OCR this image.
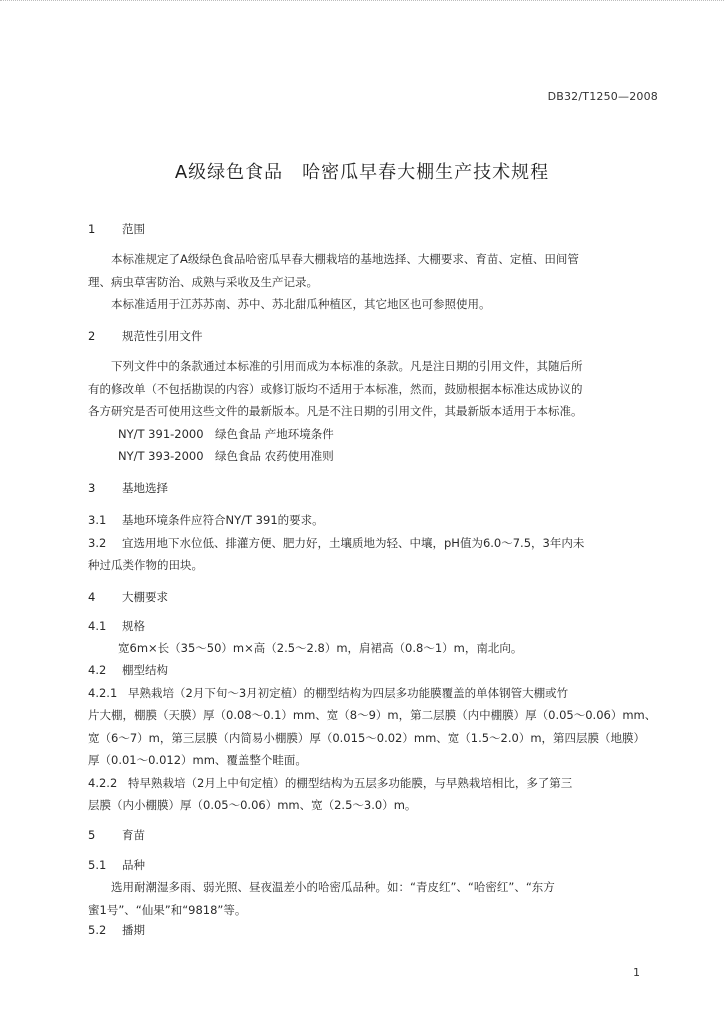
DB32/T1250—2008
A级绿色食品　哈密瓜早春大棚生产技术规程
1 范围
　　本标准规定了A级绿色食品哈密瓜早春大棚栽培的基地选择、大棚要求、育苗、定植、田间管
理、病虫草害防治、成熟与采收及生产记录。
　　本标准适用于江苏苏南、苏中、苏北甜瓜种植区，其它地区也可参照使用。
2 规范性引用文件
　　下列文件中的条款通过本标准的引用而成为本标准的条款。凡是注日期的引用文件，其随后所
有的修改单（不包括勘误的内容）或修订版均不适用于本标准，然而，鼓励根据本标准达成协议的
各方研究是否可使用这些文件的最新版本。凡是不注日期的引用文件，其最新版本适用于本标准。
NY/T 391-2000　绿色食品 产地环境条件
NY/T 393-2000　绿色食品 农药使用准则
3 基地选择
3.1 基地环境条件应符合NY/T 391的要求。
3.2 宜选用地下水位低、排灌方便、肥力好，土壤质地为轻、中壤，pH值为6.0～7.5，3年内未
种过瓜类作物的田块。
4 大棚要求
4.1 规格
宽6m×长（35～50）m×高（2.5～2.8）m，肩裙高（0.8～1）m，南北向。
4.2 棚型结构
4.2.1 早熟栽培（2月下旬～3月初定植）的棚型结构为四层多功能膜覆盖的单体钢管大棚或竹
片大棚，棚膜（天膜）厚（0.08～0.1）mm、宽（8～9）m，第二层膜（内中棚膜）厚（0.05～0.06）mm、
宽（6～7）m，第三层膜（内简易小棚膜）厚（0.015～0.02）mm、宽（1.5～2.0）m，第四层膜（地膜）
厚（0.01～0.012）mm、覆盖整个畦面。
4.2.2 特早熟栽培（2月上中旬定植）的棚型结构为五层多功能膜，与早熟栽培相比，多了第三
层膜（内小棚膜）厚（0.05～0.06）mm、宽（2.5～3.0）m。
5 育苗
5.1 品种
　　选用耐潮湿多雨、弱光照、昼夜温差小的哈密瓜品种。如：“青皮红”、“哈密红”、“东方
蜜1号”、“仙果”和“9818”等。
5.2 播期
1
